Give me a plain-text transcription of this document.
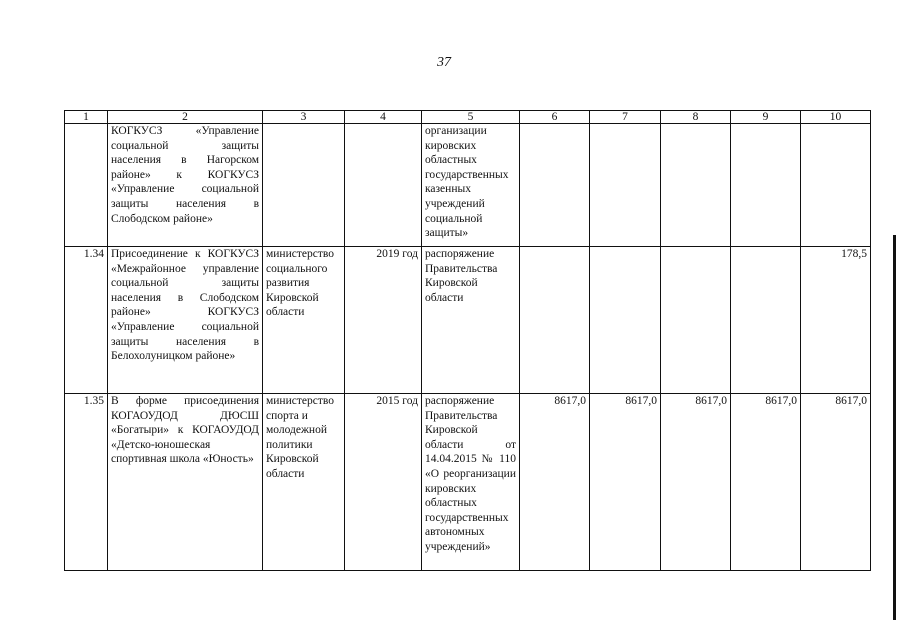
37
1	2	3	4	5	6	7	8	9	10
	КОГКУСЗ «Управление социальной защиты населения в Нагорском районе» к КОГКУСЗ «Управление социальной защиты населения в Слободском районе»			организации кировских областных государственных казенных учреждений социальной защиты»					
1.34	Присоединение к КОГКУСЗ «Межрайонное управление социальной защиты населения в Слободском районе» КОГКУСЗ «Управление социальной защиты населения в Белохолуницком районе»	министерство социального развития Кировской области	2019 год	распоряжение Правительства Кировской области					178,5
1.35	В форме присоединения КОГАОУДОД ДЮСШ «Богатыри» к КОГАОУДОД «Детско-юношеская спортивная школа «Юность»	министерство спорта и молодежной политики Кировской области	2015 год	распоряжение Правительства Кировской области от 14.04.2015 № 110 «О реорганизации кировских областных государственных автономных учреждений»	8617,0	8617,0	8617,0	8617,0	8617,0
